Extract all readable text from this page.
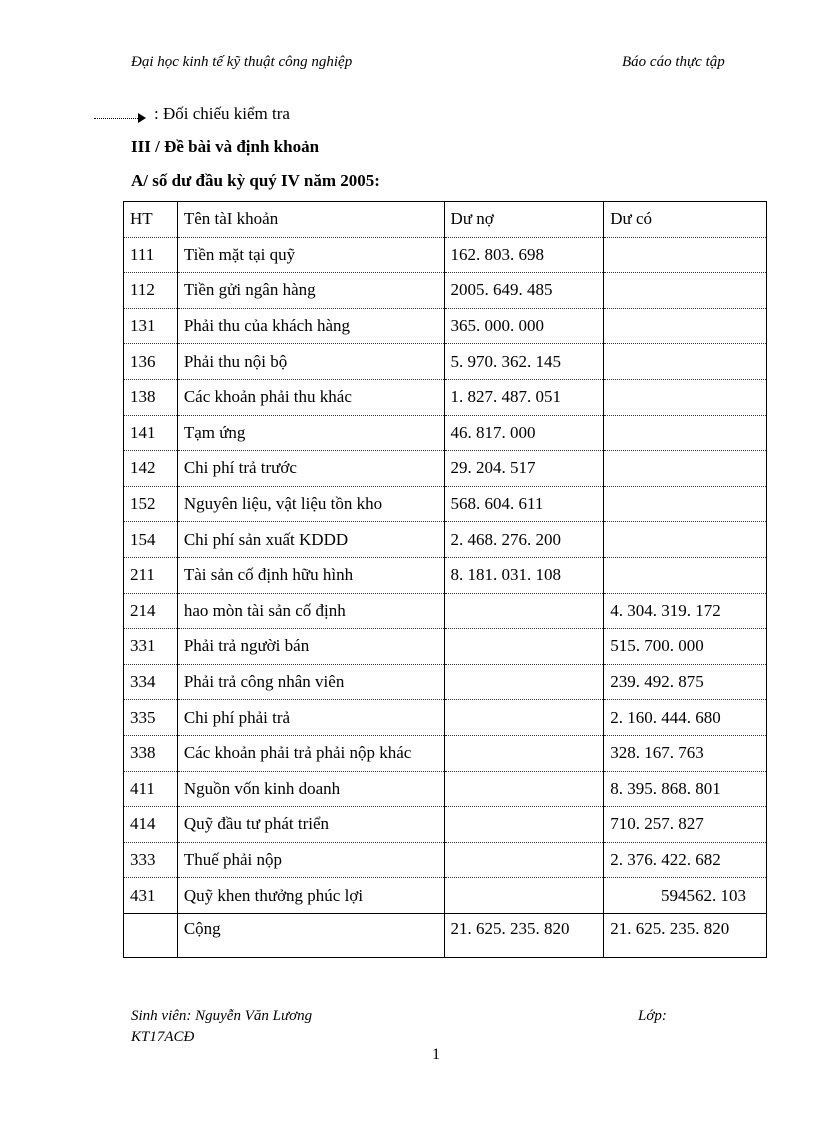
Đại học kinh tế kỹ thuật công nghiệp	Báo cáo thực tập
: Đối chiếu kiểm tra
III / Đề bài và định khoản
A/ số dư đầu kỳ quý IV năm 2005:
HT	Tên tàI khoản	Dư nợ	Dư có
111	Tiền mặt tại quỹ	162. 803. 698	
112	Tiền gửi ngân hàng	2005. 649. 485	
131	Phải thu của khách hàng	365. 000. 000	
136	Phải thu nội bộ	5. 970. 362. 145	
138	Các khoản phải thu khác	1. 827. 487. 051	
141	Tạm ứng	46. 817. 000	
142	Chi phí trả trước	29. 204. 517	
152	Nguyên liệu, vật liệu tồn kho	568. 604. 611	
154	Chi phí sản xuất KDDD	2. 468. 276. 200	
211	Tài sản cố định hữu hình	8. 181. 031. 108	
214	hao mòn tài sản cố định		4. 304. 319. 172
331	Phải trả người bán		515. 700. 000
334	Phải trả công nhân viên		239. 492. 875
335	Chi phí phải trả		2. 160. 444. 680
338	Các khoản phải trả phải nộp khác		328. 167. 763
411	Nguồn vốn kinh doanh		8. 395. 868. 801
414	Quỹ đầu tư phát triển		710. 257. 827
333	Thuế phải nộp		2. 376. 422. 682
431	Quỹ khen thưởng phúc lợi		594562. 103
	Cộng	21. 625. 235. 820	21. 625. 235. 820
Sinh viên: Nguyễn Văn Lương	Lớp:
KT17ACĐ
1
